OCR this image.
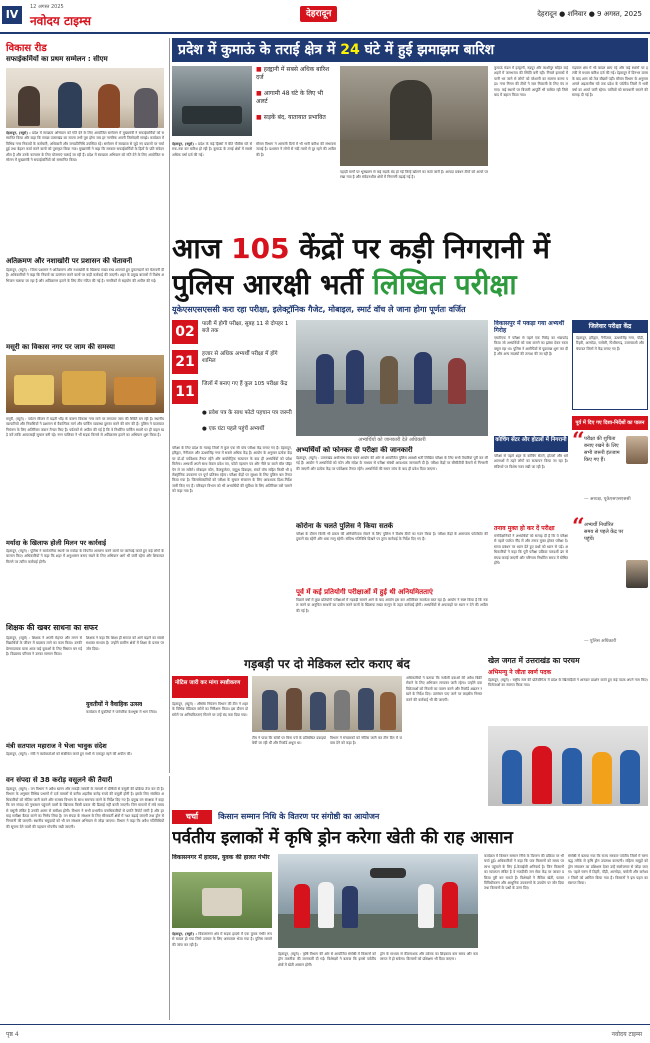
IV
12 अगस्त 2025
नवोदय टाइम्स	देहरादून	देहरादून ● शनिवार ● 9 अगस्त, 2025
विकास रीड
सफाईकर्मियों का प्रथम सम्मेलन : सीएम
देहरादून, (ब्यूरो) : प्रदेश में स्वच्छता अभियान को गति देने के लिए आयोजित सम्मेलन में मुख्यमंत्री ने सफाईकर्मियों को सम्मानित किया और कहा कि स्वच्छ उत्तराखंड का सपना तभी पूरा होगा जब हर नागरिक अपनी जिम्मेदारी समझे। कार्यक्रम में विभिन्न नगर निकायों के कर्मचारी, अधिकारी और जनप्रतिनिधि उपस्थित रहे। सम्मेलन में स्वच्छता से जुड़े नए प्रयासों पर चर्चा हुई तथा बेहतर कार्य करने वालों को पुरस्कृत किया गया। मुख्यमंत्री ने कहा कि सरकार सफाईकर्मियों के हितों के प्रति संवेदनशील है और उनके कल्याण के लिए योजनाएं चलाई जा रही हैं। प्रदेश में स्वच्छता अभियान को गति देने के लिए आयोजित सम्मेलन में मुख्यमंत्री ने सफाईकर्मियों को सम्मानित किया।
अतिक्रमण और नशाखोरी पर प्रशासन की चेतावनी
देहरादून, (ब्यूरो) : जिला प्रशासन ने अतिक्रमण और नशाखोरी के खिलाफ सख्त रुख अपनाते हुए दुकानदारों को चेतावनी दी है। अधिकारियों ने कहा कि नियमों का उल्लंघन करने वालों पर कड़ी कार्रवाई की जाएगी। शहर के प्रमुख बाजारों में विशेष अभियान चलाया जा रहा है और अतिक्रमण हटाने के लिए टीम गठित की गई है। नागरिकों से सहयोग की अपील की गई।
मसूरी का विकास नगर पर जाम की समस्या
मसूरी, (ब्यूरो) : पर्यटन सीजन में बढ़ती भीड़ के कारण विकास नगर मार्ग पर लगातार जाम की स्थिति बन रही है। स्थानीय व्यापारियों और निवासियों ने प्रशासन से वैकल्पिक मार्ग और पार्किंग व्यवस्था दुरुस्त करने की मांग की है। पुलिस ने यातायात नियंत्रण के लिए अतिरिक्त जवान तैनात किए हैं। पर्यटकों से अपील की गई है कि वे निर्धारित पार्किंग स्थलों पर ही वाहन खड़े करें ताकि आवाजाही सुचारु बनी रहे। नगर पालिका ने भी सड़क किनारे से अतिक्रमण हटाने का अभियान शुरू किया है।
मर्यादा के खिलाफ होली मिलन पर कार्रवाई
देहरादून, (ब्यूरो) : पुलिस ने सार्वजनिक स्थलों पर मर्यादा के विपरीत आचरण करने वालों पर कार्रवाई करते हुए कई लोगों के चालान किए। अधिकारियों ने कहा कि शहर में अनुशासन बनाए रखने के लिए अभियान आगे भी जारी रहेगा और शिकायत मिलने पर त्वरित कार्रवाई होगी।
शिक्षक की खबर साधना का सफर
देहरादून, (ब्यूरो) : शिक्षक ने अपनी मेहनत और लगन से विद्यार्थियों के जीवन में बदलाव लाने का काम किया। उनकी प्रेरणादायक यात्रा आज कई युवाओं के लिए मिसाल बन गई है। विद्यालय परिवार ने उनका सम्मान किया।
शिक्षक ने कहा कि शिक्षा ही समाज को आगे बढ़ाने का सबसे सशक्त माध्यम है। उन्होंने ग्रामीण क्षेत्रों में शिक्षा के प्रसार पर जोर दिया।
युवतीयों ने वैवाहिक उत्सव
कार्यक्रम में युवतियों ने पारंपरिक वेशभूषा में भाग लिया।
मंत्री सतपाल महाराज ने भेजा भावुक संदेश
देहरादून, (ब्यूरो) : मंत्री ने कार्यकर्ताओं को संबोधित करते हुए सभी से एकजुट रहने की अपील की।
प्रदेश में कुमाऊं के तराई क्षेत्र में 24 घंटे में हुई झमाझम बारिश
■ हल्द्वानी में सबसे अधिक बारिश दर्ज
■ आगामी 48 घंटे के लिए भी अलर्ट
■ सड़कें बंद, यातायात प्रभावित
देहरादून, (ब्यूरो) : प्रदेश के कई हिस्सों में बीते चौबीस घंटे से रुक-रुक कर बारिश हो रही है। कुमाऊं के तराई क्षेत्रों में सबसे अधिक वर्षा दर्ज की गई।
मौसम विभाग ने आगामी दिनों में भी भारी बारिश की संभावना जताई है। प्रशासन ने लोगों से नदी-नालों से दूर रहने की अपील की है।
पहाड़ी मार्गों पर भूस्खलन से कई सड़कें बंद हो गईं जिन्हें खोलने का कार्य जारी है। आपदा प्रबंधन टीमों को अलर्ट पर रखा गया है और संवेदनशील क्षेत्रों में निगरानी बढ़ाई गई है।
कुमाऊं मंडल में हल्द्वानी, रुद्रपुर और काशीपुर सहित कई शहरों में जलभराव की स्थिति बनी रही। निचले इलाकों में पानी भर जाने से लोगों को परेशानी का सामना करना पड़ा। नगर निगम की टीमों ने जल निकासी के लिए पंप लगाए। कई स्थानों पर बिजली आपूर्ति भी बाधित रही जिसे बाद में बहाल किया गया।
गढ़वाल क्षेत्र में भी बादल छाए रहे और कई स्थानों पर हल्की से मध्यम बारिश दर्ज की गई। देहरादून में दिनभर उमस के बाद शाम को तेज बौछारें पड़ीं। मौसम विभाग के अनुसार अगले अड़तालीस घंटे तक प्रदेश के पर्वतीय जिलों में भारी वर्षा का अलर्ट जारी रहेगा। यात्रियों को सावधानी बरतने की सलाह दी गई है।
आज 105 केंद्रों पर कड़ी निगरानी में
पुलिस आरक्षी भर्ती लिखित परीक्षा
यूकेएसएसएससी करा रहा परीक्षा, इलेक्ट्रॉनिक गैजेट, मोबाइल, स्मार्ट वॉच ले जाना होगा पूर्णतः वर्जित
02	पाली में होगी परीक्षा, सुबह 11 से दोपहर 1 बजे तक
21	हजार से अधिक अभ्यर्थी परीक्षा में होंगे शामिल
11	जिलों में बनाए गए हैं कुल 105 परीक्षा केंद्र
● प्रवेश पत्र के साथ फोटो पहचान पत्र जरूरी
● एक घंटा पहले पहुंचें अभ्यर्थी
अभ्यर्थियों को जानकारी देते अधिकारी
अभ्यर्थियों को फोनकर दी परीक्षा की जानकारी
देहरादून, (ब्यूरो) : उत्तराखंड अधीनस्थ सेवा चयन आयोग की ओर से आयोजित पुलिस आरक्षी भर्ती लिखित परीक्षा के लिए सभी तैयारियां पूरी कर ली गई हैं। आयोग ने अभ्यर्थियों को फोन और संदेश के माध्यम से परीक्षा संबंधी आवश्यक जानकारी दी है। परीक्षा केंद्रों पर सीसीटीवी कैमरों से निगरानी की जाएगी और प्रत्येक केंद्र पर पर्यवेक्षक तैनात रहेंगे। अभ्यर्थियों की सघन जांच के बाद ही प्रवेश दिया जाएगा।
कोरोना के चलते पुलिस ने किया सतर्क
परीक्षा के दौरान किसी भी प्रकार की अनियमितता रोकने के लिए पुलिस ने विशेष टीमों का गठन किया है। परीक्षा केंद्रों के आसपास फोटोस्टेट की दुकानें बंद रहेंगी और धारा लागू रहेगी। संदिग्ध गतिविधि दिखने पर तुरंत कार्रवाई के निर्देश दिए गए हैं।
पूर्व में कई प्रतियोगी परीक्षाओं में हुई थी अनियमितताएं
पिछले वर्षों में कुछ प्रतियोगी परीक्षाओं में गड़बड़ी सामने आने के बाद आयोग इस बार अतिरिक्त सतर्कता बरत रहा है। आयोग ने स्पष्ट किया है कि नकल करने या अनुचित साधनों का प्रयोग करने वालों के खिलाफ सख्त कानून के तहत कार्रवाई होगी। अभ्यर्थियों से अफवाहों पर ध्यान न देने की अपील की गई है।
परीक्षा के लिए प्रदेश के ग्यारह जिलों में कुल एक सौ पांच परीक्षा केंद्र बनाए गए हैं। देहरादून, हरिद्वार, नैनीताल और ऊधमसिंह नगर में सबसे अधिक केंद्र हैं। आयोग के अनुसार प्रत्येक केंद्र पर दो-दो पर्यवेक्षक तैनात रहेंगे और बायोमेट्रिक सत्यापन के बाद ही अभ्यर्थियों को प्रवेश मिलेगा। अभ्यर्थी अपने साथ केवल प्रवेश पत्र, फोटो पहचान पत्र और नीले या काले बॉल पॉइंट पेन ले जा सकेंगे। मोबाइल फोन, कैलकुलेटर, ब्लूटूथ डिवाइस, स्मार्ट वॉच सहित किसी भी इलेक्ट्रॉनिक उपकरण पर पूर्ण प्रतिबंध रहेगा। परीक्षा केंद्रों पर सुरक्षा के लिए पुलिस बल तैनात किया गया है। जिलाधिकारियों को परीक्षा के सुचारु संचालन के लिए आवश्यक दिशा-निर्देश जारी किए गए हैं। परिवहन विभाग को भी अभ्यर्थियों की सुविधा के लिए अतिरिक्त बसें चलाने को कहा गया है।
विकासपुर में पकड़ा गया अभ्यर्थी गिरोह
एसटीएफ ने परीक्षा से पहले एक गिरोह का भंडाफोड़ किया जो अभ्यर्थियों को पास कराने का झांसा देकर रकम वसूल रहा था। पुलिस ने आरोपियों से पूछताछ शुरू कर दी है और अन्य सदस्यों की तलाश की जा रही है।
कोचिंग सेंटर और होटलों में निगरानी
परीक्षा से पहले शहर के कोचिंग सेंटरों, होटलों और धर्मशालाओं में ठहरे लोगों का सत्यापन किया जा रहा है। संदिग्धों पर विशेष नजर रखी जा रही है।
तनाव मुक्त हो कर दें परीक्षा
मनोवैज्ञानिकों ने अभ्यर्थियों को सलाह दी है कि वे परीक्षा से पहले पर्याप्त नींद लें और तनाव मुक्त होकर परीक्षा दें। समय प्रबंधन पर ध्यान देते हुए प्रश्नों को ध्यान से पढ़ें। अधिकारियों ने कहा कि पूरी परीक्षा प्रक्रिया पारदर्शी ढंग से संपन्न कराई जाएगी और परिणाम निर्धारित समय में घोषित होंगे।
जिलेवार परीक्षा केंद्र
देहरादून, हरिद्वार, नैनीताल, ऊधमसिंह नगर, पौड़ी, टिहरी, अल्मोड़ा, चमोली, पिथौरागढ़, उत्तरकाशी और चंपावत जिलों में केंद्र बनाए गए हैं।
पूर्व में दिए गए दिशा-निर्देशों का पालन
“ परीक्षा की शुचिता बनाए रखने के लिए सभी जरूरी इंतजाम किए गए हैं।
— अध्यक्ष, यूकेएसएसएससी
“ अभ्यर्थी निर्धारित समय से पहले केंद्र पर पहुंचें।
— पुलिस अधिकारी
गड़बड़ी पर दो मेडिकल स्टोर कराए बंद
नोटिस जारी कर मांगा स्पष्टीकरण
देहरादून, (ब्यूरो) : औषधि नियंत्रण विभाग की टीम ने शहर के विभिन्न मेडिकल स्टोरों का निरीक्षण किया। इस दौरान दो स्टोरों पर अनियमितताएं मिलने पर उन्हें बंद करा दिया गया।
टीम ने पाया कि स्टोरों पर बिना पर्चे के प्रतिबंधित दवाइयां बेची जा रही थीं और रिकॉर्ड अधूरा था।
विभाग ने संचालकों को नोटिस जारी कर तीन दिन में जवाब देने को कहा है।
अधिकारियों ने बताया कि नशीली दवाओं की अवैध बिक्री रोकने के लिए अभियान लगातार जारी रहेगा। उन्होंने दवा विक्रेताओं को नियमों का पालन करने और रिकॉर्ड अद्यतन रखने के निर्देश दिए। उल्लंघन पाए जाने पर लाइसेंस निरस्त करने की कार्रवाई भी की जाएगी।
खेल जगत में उत्तराखंड का परचम
अभिमन्यु ने जीता स्वर्ण पदक
देहरादून, (ब्यूरो) : राष्ट्रीय स्तर की प्रतियोगिता में प्रदेश के खिलाड़ियों ने शानदार प्रदर्शन करते हुए कई पदक अपने नाम किए। विजेताओं का स्वागत किया गया।
वन संपदा से 38 करोड़ वसूलने की तैयारी
देहरादून, (ब्यूरो) : वन विभाग ने अवैध खनन और लकड़ी तस्करी के मामलों में दोषियों से वसूली की प्रक्रिया तेज कर दी है। विभाग के अनुसार विभिन्न प्रभागों में दर्ज मामलों से करीब अड़तीस करोड़ रुपये की वसूली होनी है। इसके लिए संबंधित अधिकारियों को नोटिस जारी करने और राजस्व विभाग के साथ समन्वय करने के निर्देश दिए गए हैं। प्रमुख वन संरक्षक ने कहा कि वन संपदा को नुकसान पहुंचाने वालों के खिलाफ किसी प्रकार की ढिलाई नहीं बरती जाएगी। जिन मामलों में लंबे समय से वसूली लंबित है उनकी अलग से समीक्षा होगी। विभाग ने सभी प्रभागीय वनाधिकारियों से प्रगति रिपोर्ट मांगी है और हर माह समीक्षा बैठक करने का निर्णय लिया है। वन संपदा के संरक्षण के लिए सीमावर्ती क्षेत्रों में गश्त बढ़ाई जाएगी तथा ड्रोन से निगरानी की जाएगी। स्थानीय समुदायों को भी वन संरक्षण अभियान से जोड़ा जाएगा। विभाग ने कहा कि अवैध गतिविधियों की सूचना देने वालों की पहचान गोपनीय रखी जाएगी।
चर्चा	किसान सम्मान निधि के वितरण पर संगोष्ठी का आयोजन
पर्वतीय इलाकों में कृषि ड्रोन करेगा खेती की राह आसान
विकासनगर में हादसा, युवक की हालत गंभीर
देहरादून, (ब्यूरो) : विकासनगर क्षेत्र में सड़क हादसे में एक युवक गंभीर रूप से घायल हो गया जिसे उपचार के लिए अस्पताल भेजा गया है। पुलिस मामले की जांच कर रही है।
देहरादून, (ब्यूरो) : कृषि विभाग की ओर से आयोजित संगोष्ठी में किसानों को ड्रोन तकनीक की जानकारी दी गई। विशेषज्ञों ने बताया कि इससे पर्वतीय क्षेत्रों में खेती आसान होगी।
ड्रोन के माध्यम से कीटनाशक और उर्वरक का छिड़काव कम समय और कम लागत में हो सकेगा। किसानों को प्रशिक्षण भी दिया जाएगा।
कार्यक्रम में किसान सम्मान निधि के वितरण की प्रक्रिया पर भी चर्चा हुई। अधिकारियों ने कहा कि पात्र किसानों को समय पर लाभ पहुंचाने के लिए ई-केवाईसी अनिवार्य है। जिन किसानों का सत्यापन लंबित है वे नजदीकी जन सेवा केंद्र पर जाकर प्रक्रिया पूरी कर सकते हैं। विशेषज्ञों ने जैविक खेती, फसल विविधीकरण और आधुनिक उपकरणों के उपयोग पर जोर दिया तथा किसानों के प्रश्नों के उत्तर दिए।
संगोष्ठी में बताया गया कि राज्य सरकार पर्वतीय जिलों में चरणबद्ध तरीके से कृषि ड्रोन उपलब्ध कराएगी। महिला समूहों को ड्रोन संचालन का प्रशिक्षण देकर उन्हें स्वरोजगार से जोड़ा जाएगा। पहले चरण में टिहरी, पौड़ी, अल्मोड़ा, चमोली और बागेश्वर जिलों को शामिल किया गया है। किसानों ने इस पहल का स्वागत किया।
पृष्ठ 4	नवोदय टाइम्स
